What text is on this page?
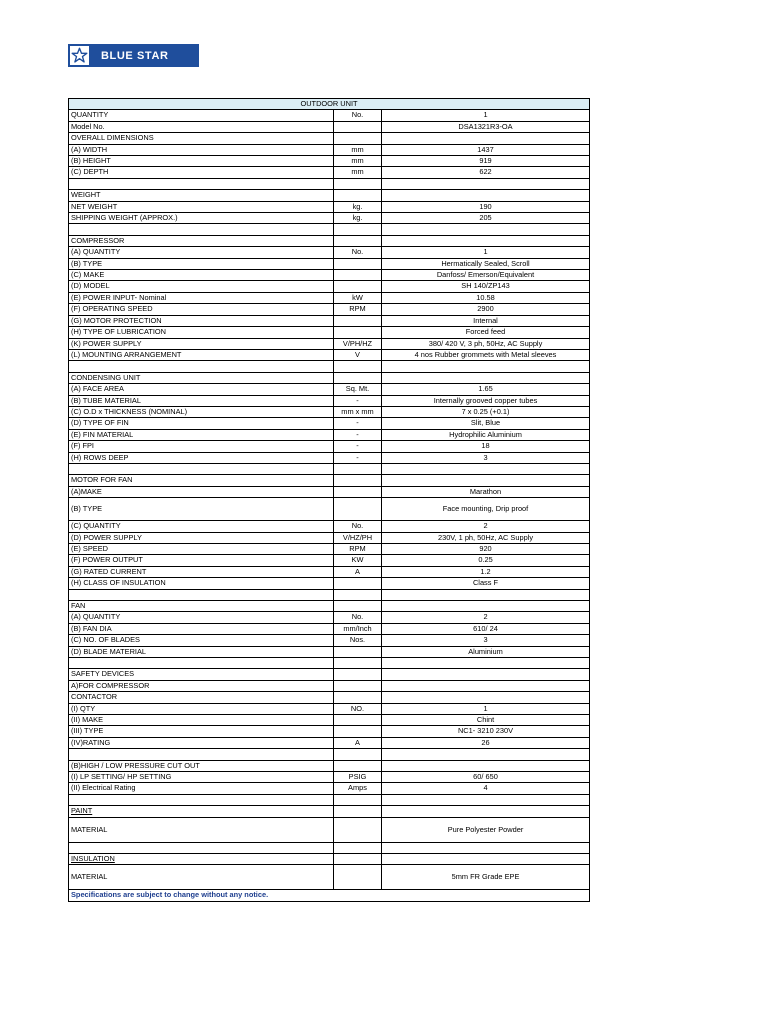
BLUE STAR
OUTDOOR UNIT		
QUANTITY	No.	1
Model No.		DSA1321R3-OA
OVERALL DIMENSIONS		
(A) WIDTH	mm	1437
(B) HEIGHT	mm	919
(C) DEPTH	mm	622

WEIGHT		
NET WEIGHT	kg.	190
SHIPPING WEIGHT (APPROX.)	kg.	205

COMPRESSOR		
(A) QUANTITY	No.	1
(B) TYPE		Hermatically Sealed, Scroll
(C) MAKE		Danfoss/ Emerson/Equivalent
(D) MODEL		SH 140/ZP143
(E) POWER INPUT- Nominal	kW	10.58
(F) OPERATING SPEED	RPM	2900
(G) MOTOR PROTECTION		Internal
(H) TYPE OF LUBRICATION		Forced feed
(K) POWER SUPPLY	V/PH/HZ	380/ 420 V, 3 ph, 50Hz, AC Supply
(L) MOUNTING ARRANGEMENT	V	4 nos Rubber grommets with Metal sleeves

CONDENSING UNIT		
(A) FACE AREA	Sq. Mt.	1.65
(B) TUBE MATERIAL	-	Internally grooved copper tubes
(C) O.D x THICKNESS (NOMINAL)	mm x mm	7 x 0.25 (+0.1)
(D) TYPE OF FIN	-	Slit, Blue
(E) FIN MATERIAL	-	Hydrophilic Aluminium
(F) FPI	-	18
(H) ROWS DEEP	-	3

MOTOR FOR FAN		
(A)MAKE		Marathon
(B) TYPE		Face mounting, Drip proof
(C) QUANTITY	No.	2
(D) POWER SUPPLY	V/HZ/PH	230V, 1 ph, 50Hz, AC Supply
(E) SPEED	RPM	920
(F) POWER OUTPUT	KW	0.25
(G) RATED CURRENT	A	1.2
(H) CLASS OF INSULATION		Class F

FAN		
(A) QUANTITY	No.	2
(B) FAN DIA	mm/Inch	610/ 24
(C) NO. OF BLADES	Nos.	3
(D) BLADE MATERIAL		Aluminium

SAFETY DEVICES		
A)FOR COMPRESSOR		
CONTACTOR		
(I) QTY	NO.	1
(II) MAKE		Chint
(III) TYPE		NC1- 3210 230V
(IV)RATING	A	26

(B)HIGH / LOW PRESSURE CUT OUT		
(I) LP SETTING/ HP SETTING	PSIG	60/ 650
(II) Electrical Rating	Amps	4

PAINT		
MATERIAL		Pure Polyester Powder

INSULATION		
MATERIAL		5mm FR Grade EPE
Specifications are subject to change without any notice.		
